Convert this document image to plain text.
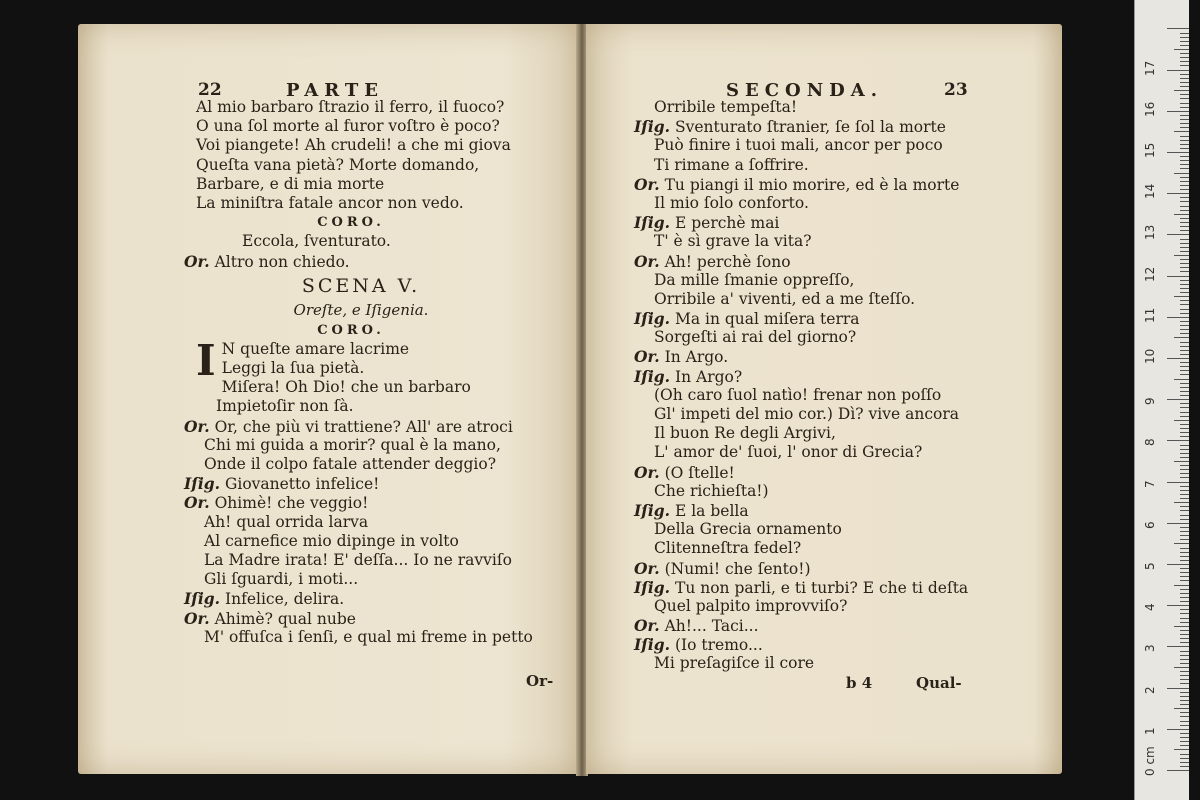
22	PARTE
Al mio barbaro ſtrazio il ferro, il fuoco?
O una ſol morte al furor voſtro è poco?
Voi piangete! Ah crudeli! a che mi giova
Queſta vana pietà? Morte domando,
Barbare, e di mia morte
La miniſtra fatale ancor non vedo.
CORO.
Eccola, ſventurato.
Or. Altro non chiedo.
SCENA V.
Oreſte, e Iſigenia.
CORO.
I N queſte amare lacrime
Leggi la ſua pietà.
Miſera! Oh Dio! che un barbaro
Impietoſir non ſà.
Or. Or, che più vi trattiene? All' are atroci
Chi mi guida a morir? qual è la mano,
Onde il colpo fatale attender deggio?
Iſig. Giovanetto infelice!
Or. Ohimè! che veggio!
Ah! qual orrida larva
Al carnefice mio dipinge in volto
La Madre irata! E' deſſa... Io ne ravviſo
Gli ſguardi, i moti...
Iſig. Infelice, delira.
Or. Ahimè? qual nube
M' offuſca i ſenſi, e qual mi freme in petto
Or-
SECONDA.	23
Orribile tempeſta!
Iſig. Sventurato ſtranier, ſe ſol la morte
Può finire i tuoi mali, ancor per poco
Ti rimane a ſoffrire.
Or. Tu piangi il mio morire, ed è la morte
Il mio ſolo conforto.
Iſig. E perchè mai
T' è sì grave la vita?
Or. Ah! perchè ſono
Da mille ſmanie oppreſſo,
Orribile a' viventi, ed a me ſteſſo.
Iſig. Ma in qual miſera terra
Sorgeſti ai rai del giorno?
Or. In Argo.
Iſig. In Argo?
(Oh caro ſuol natìo! frenar non poſſo
Gl' impeti del mio cor.) Dì? vive ancora
Il buon Re degli Argivi,
L' amor de' ſuoi, l' onor di Grecia?
Or. (O ſtelle!
Che richieſta!)
Iſig. E la bella
Della Grecia ornamento
Clitenneſtra fedel?
Or. (Numi! che ſento!)
Iſig. Tu non parli, e ti turbi? E che ti deſta
Quel palpito improvviſo?
Or. Ah!... Taci...
Iſig. (Io tremo...
Mi preſagiſce il core
b 4	Qual-
0 cm
1
2
3
4
5
6
7
8
9
10
11
12
13
14
15
16
17
